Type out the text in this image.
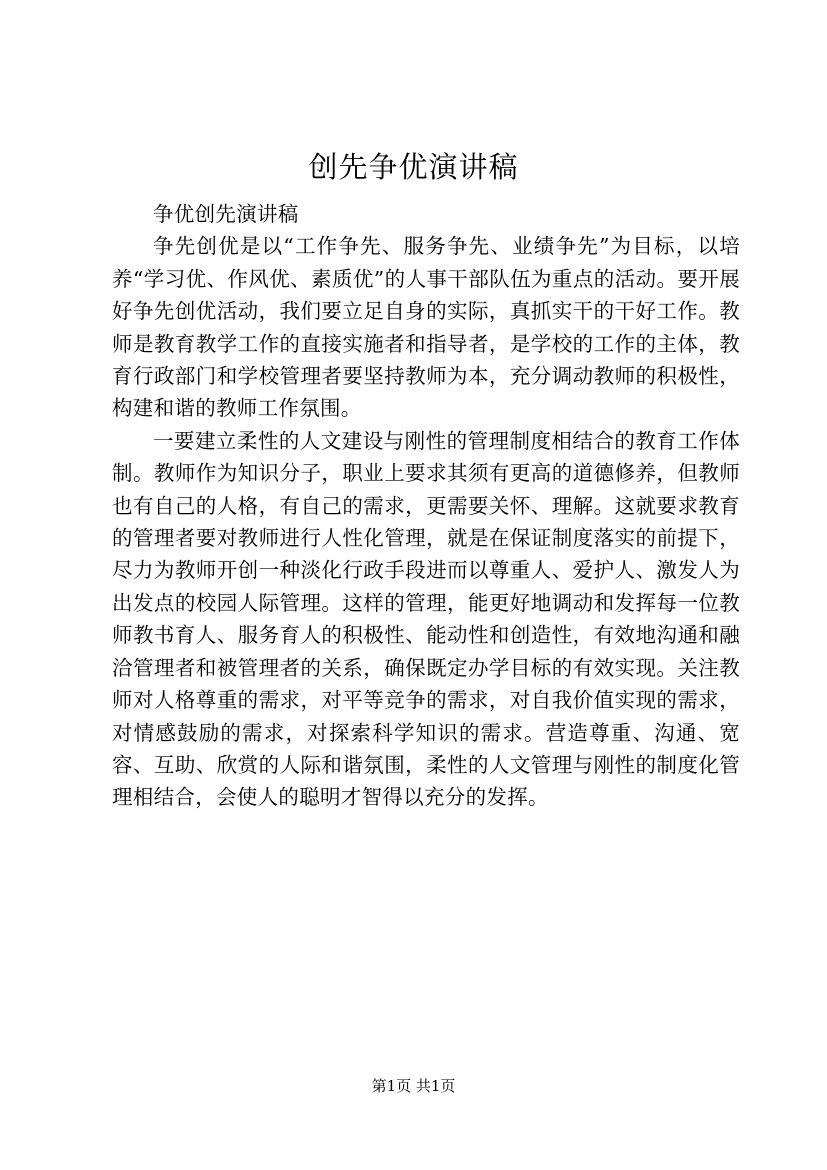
创先争优演讲稿

争优创先演讲稿

争先创优是以“工作争先、服务争先、业绩争先”为目标，以培养“学习优、作风优、素质优”的人事干部队伍为重点的活动。要开展好争先创优活动，我们要立足自身的实际，真抓实干的干好工作。教师是教育教学工作的直接实施者和指导者，是学校的工作的主体，教育行政部门和学校管理者要坚持教师为本，充分调动教师的积极性，构建和谐的教师工作氛围。

一要建立柔性的人文建设与刚性的管理制度相结合的教育工作体制。教师作为知识分子，职业上要求其须有更高的道德修养，但教师也有自己的人格，有自己的需求，更需要关怀、理解。这就要求教育的管理者要对教师进行人性化管理，就是在保证制度落实的前提下，尽力为教师开创一种淡化行政手段进而以尊重人、爱护人、激发人为出发点的校园人际管理。这样的管理，能更好地调动和发挥每一位教师教书育人、服务育人的积极性、能动性和创造性，有效地沟通和融洽管理者和被管理者的关系，确保既定办学目标的有效实现。关注教师对人格尊重的需求，对平等竞争的需求，对自我价值实现的需求，对情感鼓励的需求，对探索科学知识的需求。营造尊重、沟通、宽容、互助、欣赏的人际和谐氛围，柔性的人文管理与刚性的制度化管理相结合，会使人的聪明才智得以充分的发挥。

第1页 共1页
